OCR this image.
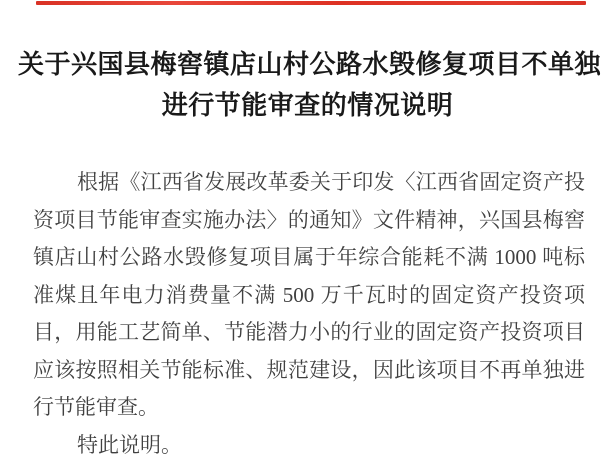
关于兴国县梅窖镇店山村公路水毁修复项目不单独
进行节能审查的情况说明

根据《江西省发展改革委关于印发〈江西省固定资产投

资项目节能审查实施办法〉的通知》文件精神，兴国县梅窖

镇店山村公路水毁修复项目属于年综合能耗不满 1000 吨标

准煤且年电力消费量不满 500 万千瓦时的固定资产投资项

目，用能工艺简单、节能潜力小的行业的固定资产投资项目

应该按照相关节能标准、规范建设，因此该项目不再单独进

行节能审查。

特此说明。
